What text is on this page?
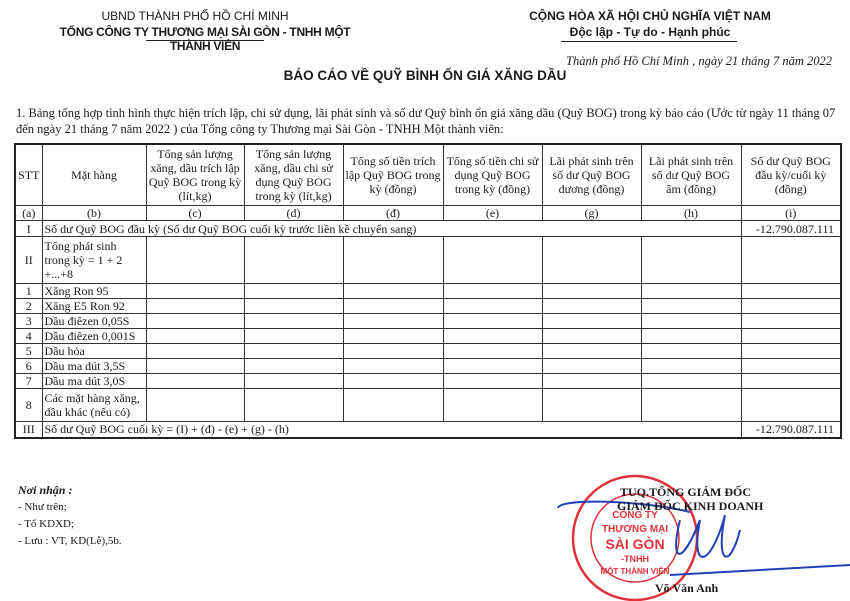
UBND THÀNH PHỐ HỒ CHÍ MINH
TỔNG CÔNG TY THƯƠNG MẠI SÀI GÒN - TNHH MỘT THÀNH VIÊN
CỘNG HÒA XÃ HỘI CHỦ NGHĨA VIỆT NAM
Độc lập - Tự do - Hạnh phúc
Thành phố Hồ Chí Minh , ngày 21 tháng 7 năm 2022
BÁO CÁO VỀ QUỸ BÌNH ỔN GIÁ XĂNG DẦU
1. Bảng tổng hợp tình hình thực hiện trích lập, chi sử dụng, lãi phát sinh và số dư Quỹ bình ổn giá xăng dầu (Quỹ BOG) trong kỳ báo cáo (Ước từ ngày 11 tháng 07 đến ngày 21 tháng 7 năm 2022 ) của Tổng công ty Thương mại Sài Gòn - TNHH Một thành viên:
STT	Mặt hàng	Tổng sản lượng xăng, dầu trích lập Quỹ BOG trong kỳ (lít,kg)	Tổng sản lượng xăng, dầu chi sử dụng Quỹ BOG trong kỳ (lít,kg)	Tổng số tiền trích lập Quỹ BOG trong kỳ (đồng)	Tổng số tiền chi sử dụng Quỹ BOG trong kỳ (đồng)	Lãi phát sinh trên số dư Quỹ BOG dương (đồng)	Lãi phát sinh trên số dư Quỹ BOG âm (đồng)	Số dư Quỹ BOG đầu kỳ/cuối kỳ (đồng)
(a)	(b)	(c)	(d)	(đ)	(e)	(g)	(h)	(i)
I	Số dư Quỹ BOG đầu kỳ (Số dư Quỹ BOG cuối kỳ trước liền kề chuyển sang)							-12.790.087.111
II	Tổng phát sinh trong kỳ = 1 + 2 +...+8							
1	Xăng Ron 95							
2	Xăng E5 Ron 92							
3	Dầu điêzen 0,05S							
4	Dầu điêzen 0,001S							
5	Dầu hỏa							
6	Dầu ma dút 3,5S							
7	Dầu ma dút 3,0S							
8	Các mặt hàng xăng, dầu khác (nếu có)							
III	Số dư Quỹ BOG cuối kỳ = (I) + (đ) - (e) + (g) - (h)							-12.790.087.111
Nơi nhận :
- Như trên;
- Tổ KDXD;
- Lưu : VT, KD(Lễ),5b.
CÔNG TY
THƯƠNG MẠI
SÀI GÒN
-TNHH
MỘT THÀNH VIÊN
TUQ.TỔNG GIÁM ĐỐC
GIÁM ĐỐC KINH DOANH
Võ Văn Anh
